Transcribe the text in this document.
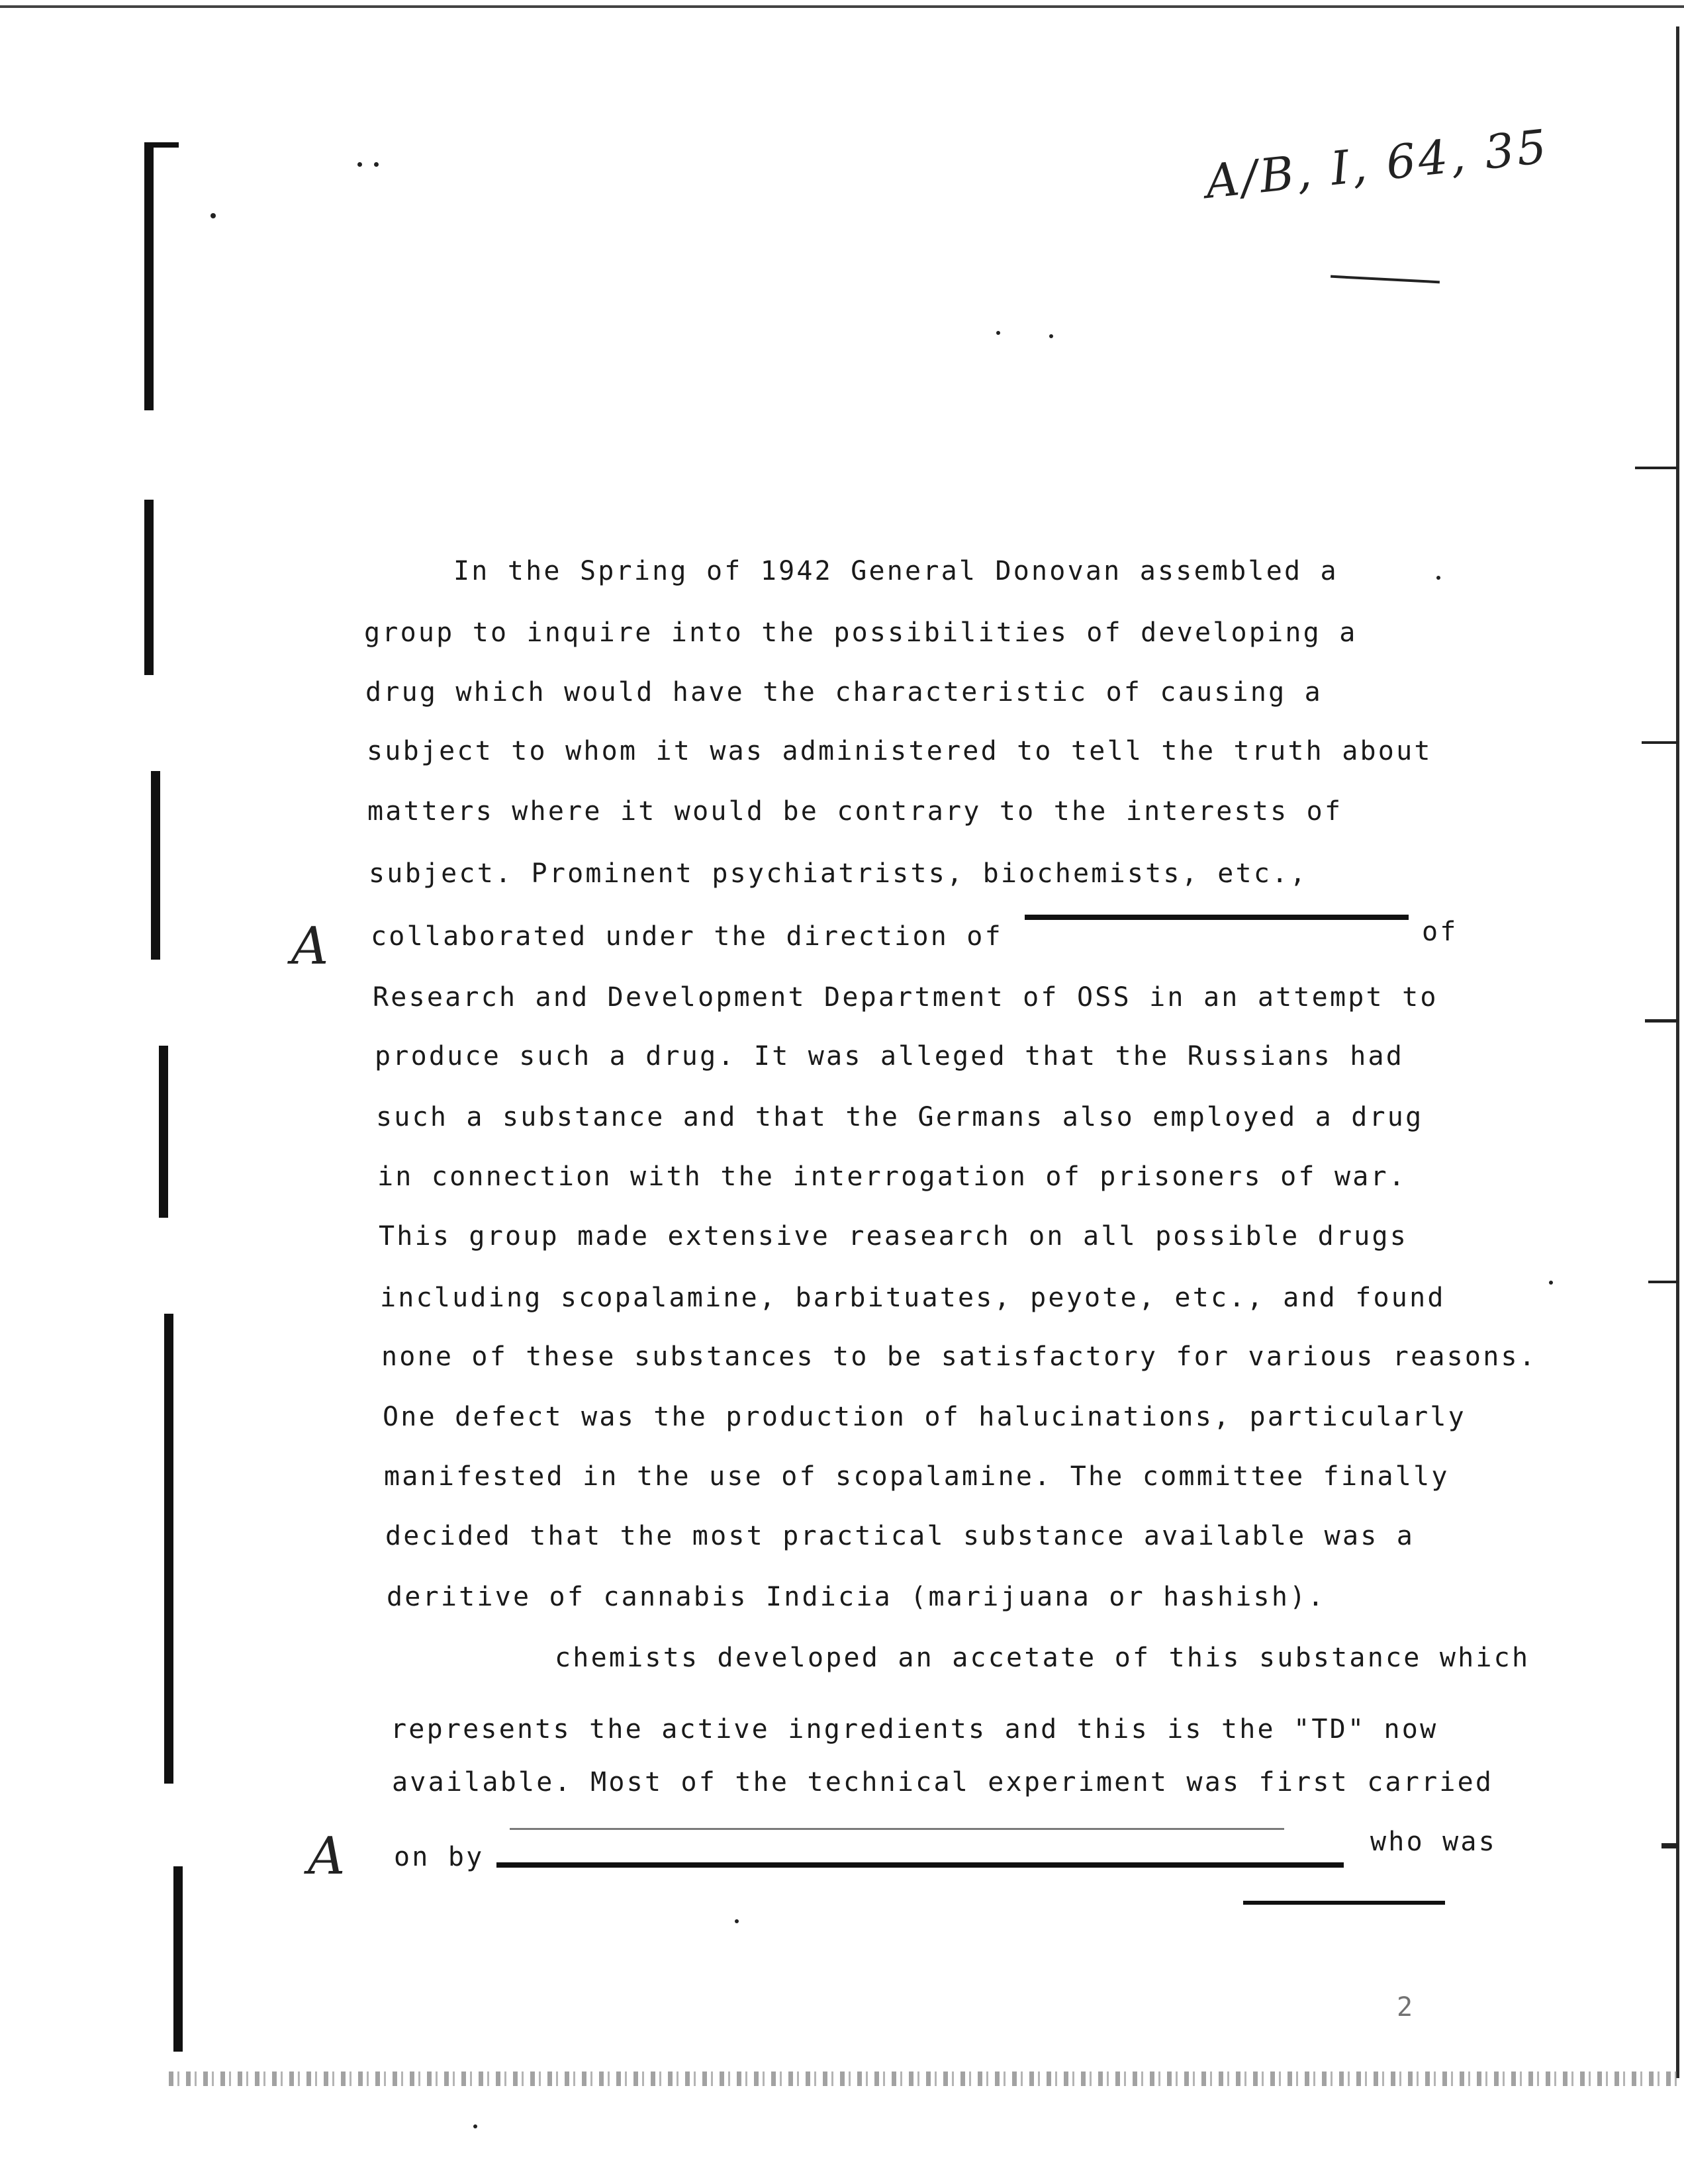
A/B, I, 64, 35
A
A
In the Spring of 1942 General Donovan assembled a
group to inquire into the possibilities of developing a
drug which would have the characteristic of causing a
subject to whom it was administered to tell the truth about
matters where it would be contrary to the interests of
subject. Prominent psychiatrists, biochemists, etc.,
collaborated under the direction of	of
Research and Development Department of OSS in an attempt to
produce such a drug. It was alleged that the Russians had
such a substance and that the Germans also employed a drug
in connection with the interrogation of prisoners of war.
This group made extensive reasearch on all possible drugs
including scopalamine, barbituates, peyote, etc., and found
none of these substances to be satisfactory for various reasons.
One defect was the production of halucinations, particularly
manifested in the use of scopalamine. The committee finally
decided that the most practical substance available was a
deritive of cannabis Indicia (marijuana or hashish).
chemists developed an accetate of this substance which
represents the active ingredients and this is the "TD" now
available. Most of the technical experiment was first carried
on by	who was
2
